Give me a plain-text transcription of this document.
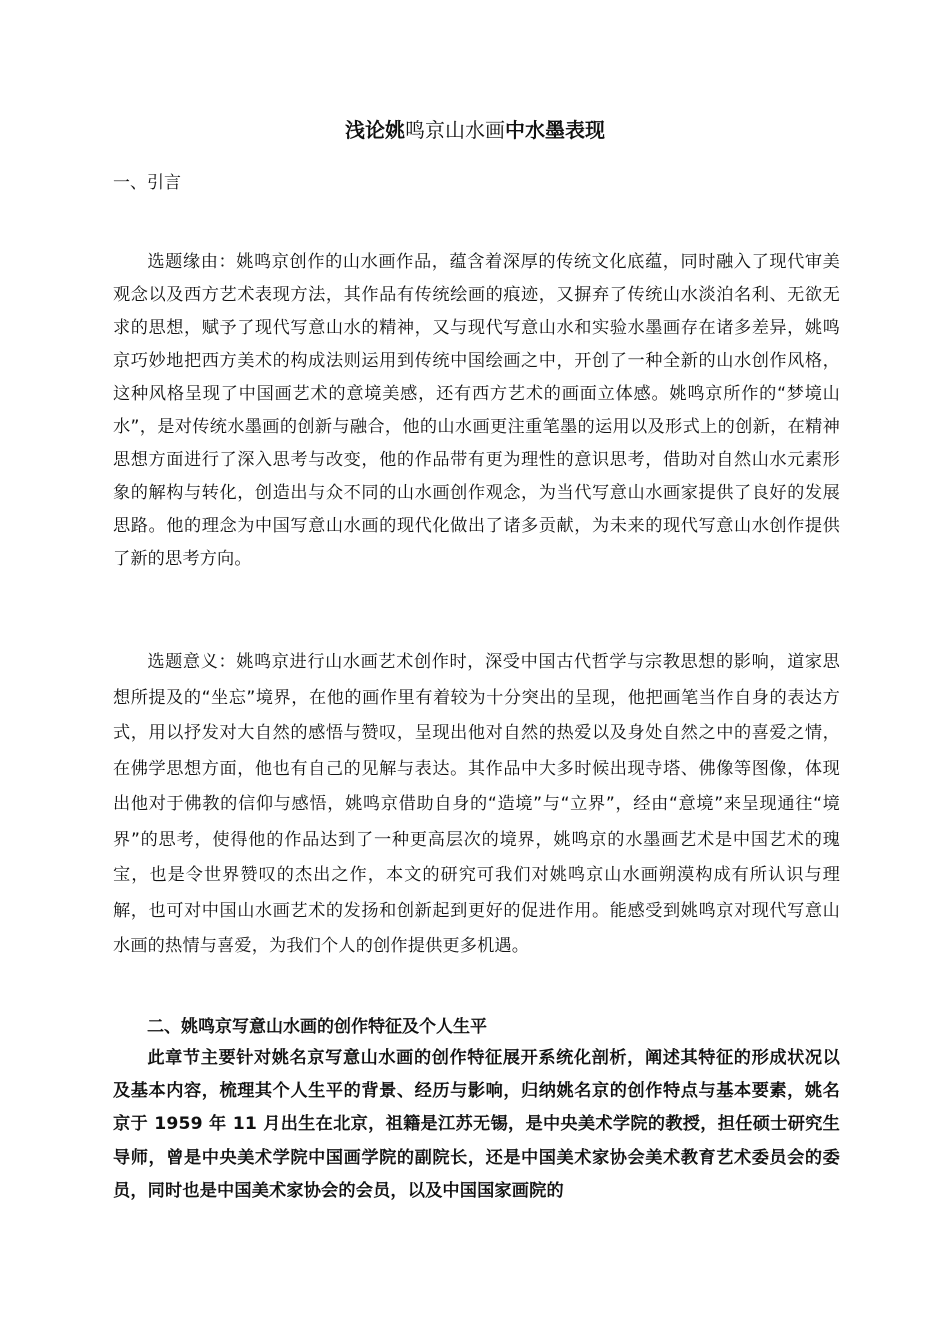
浅论姚鸣京山水画中水墨表现
一、引言

选题缘由：姚鸣京创作的山水画作品，蕴含着深厚的传统文化底蕴，同时融入了现代审美观念以及西方艺术表现方法，其作品有传统绘画的痕迹，又摒弃了传统山水淡泊名利、无欲无求的思想，赋予了现代写意山水的精神，又与现代写意山水和实验水墨画存在诸多差异，姚鸣京巧妙地把西方美术的构成法则运用到传统中国绘画之中，开创了一种全新的山水创作风格，这种风格呈现了中国画艺术的意境美感，还有西方艺术的画面立体感。姚鸣京所作的“梦境山水”，是对传统水墨画的创新与融合，他的山水画更注重笔墨的运用以及形式上的创新，在精神思想方面进行了深入思考与改变，他的作品带有更为理性的意识思考，借助对自然山水元素形象的解构与转化，创造出与众不同的山水画创作观念，为当代写意山水画家提供了良好的发展思路。他的理念为中国写意山水画的现代化做出了诸多贡献，为未来的现代写意山水创作提供了新的思考方向。

选题意义：姚鸣京进行山水画艺术创作时，深受中国古代哲学与宗教思想的影响，道家思想所提及的“坐忘”境界，在他的画作里有着较为十分突出的呈现，他把画笔当作自身的表达方式，用以抒发对大自然的感悟与赞叹，呈现出他对自然的热爱以及身处自然之中的喜爱之情，在佛学思想方面，他也有自己的见解与表达。其作品中大多时候出现寺塔、佛像等图像，体现出他对于佛教的信仰与感悟，姚鸣京借助自身的“造境”与“立界”，经由“意境”来呈现通往“境界”的思考，使得他的作品达到了一种更高层次的境界，姚鸣京的水墨画艺术是中国艺术的瑰宝，也是令世界赞叹的杰出之作，本文的研究可我们对姚鸣京山水画朔漠构成有所认识与理解，也可对中国山水画艺术的发扬和创新起到更好的促进作用。能感受到姚鸣京对现代写意山水画的热情与喜爱，为我们个人的创作提供更多机遇。

二、姚鸣京写意山水画的创作特征及个人生平

此章节主要针对姚名京写意山水画的创作特征展开系统化剖析，阐述其特征的形成状况以及基本内容，梳理其个人生平的背景、经历与影响，归纳姚名京的创作特点与基本要素，姚名京于 1959 年 11 月出生在北京，祖籍是江苏无锡，是中央美术学院的教授，担任硕士研究生导师，曾是中央美术学院中国画学院的副院长，还是中国美术家协会美术教育艺术委员会的委员，同时也是中国美术家协会的会员，以及中国国家画院的
